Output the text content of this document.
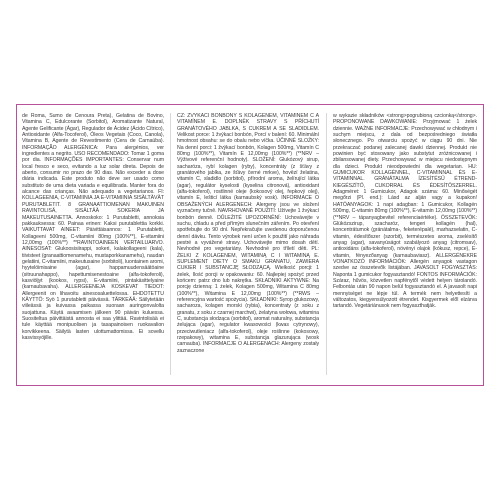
de Roma, Sumo de Cenoura Preta), Gelatina de Bovino, Vitamina C, Edulcorante (Sorbitol), Aromatizante Natural, Agente Gelificante (Ágar), Regulador de Ácidez (Ácido Cítrico), Antioxidante (Alfa-Tocoferol), Óleos Vegetais (Coco, Canola), Vitamina B, Agente de Revestimento (Cera de Carnaúba). INFORMAÇÃO ALERGÉNICA: Para alergénios, ver ingredientes a negrito. USO RECOMENDADO: Tomar 1 goma por dia. INFORMAÇÕES IMPORTANTES: Conservar num local fresco e seco, evitando a luz solar direta. Depois de aberto, consumir no prazo de 90 dias. Não exceder a dose diária indicada. Este produto não deve ser usado como substituto de uma dieta variada e equilibrada. Manter fora do alcance das crianças. Não adequado a vegetarianos. FI: KOLLAGEENIA, C-VITAMIINIA JA E-VITAMIINIA SISÄLTÄVÄT PURUTABLETIT. 8 GRANAATTIOMENAN MAKUINEN RAVINTOLISÄ, SISÄLTÄÄ SOKERIA JA MAKEUTUSAINETTA. Annoskoko: 1 Purutabletti, annoksia pakkauksessa: 60. Painaa erinen: Kaksi purutablettia korkki. VAIKUTTAVAT AINEET: Päivittäisannos: 1 Purutabletti, Kollageeni 500mg, C-vitamiini 80mg (100%**), E-vitamiini 12,00mg (100%**) **RAVINTOAINEEN VERTAILUARVO. AINESOSAT: Glukoosisiirappi, sokeri, kalakollageeni (kala), tiivisteet (granaattiomenamehu, mustaporkkanamehu), naudan gelatiini, C-vitamiini, makeutusaine (sorbitoli), luontainen aromi, hyytelöimisaine (agar), happamuudensäätöaine (sitruunahappo), hapettumisenestoaine (alfa-tokoferoli), kasviöljyt (kookos, rypsi), E-vitamiini, pintakäsittelyaine (karnaubavaha). ALLERGEENEJA KOSKEVAT TIEDOT: Allergeenit on lihavoitu ainesosaluettelossa. EHDOTETTU KÄYTTÖ: Syö 1 purutabletti päivässä. TÄRKEÄÄ: Säilytetään viileässä ja kuivassa paikassa suoraan auringonvalolta suojattuna. Käytä avaamisen jälkeen 90 päivän kuluessa. Suositeltua päivittäistä annosta ei saa ylittää. Ravintolisää ei tule käyttää monipuolisen ja tasapainoisen ruokavalion korvikkeena. Säilytä lasten ulottumattomissa. Ei sovellu kasvissyöjille.

CZ: ŽVÝKACÍ BONBÓNY S KOLAGENEM, VITAMINEM C A VITAMÍNEM E. DOPLNĚK STRAVY S PŘÍCHUTÍ GRANÁTOVÉHO JABLKA, S CUKREM A SE SLADIDLEM. Velikost porce: 1 žvýkací bonbón, Porcí v balení: 60. Minimální hmotnost obsahu: se do obalu nebo víčka. ÚČINNÉ SLOŽKY: Na denní porci: 1 žvýkací bonbón, Kolagen 500mg, Vitamín C 80mg (100%**), Vitamín E 12,00mg (100%**) (**NRV – Výživové referenční hodnoty). SLOŽENÍ: Glukózový sirup, sacharóza, rybí kolagen (ryby), koncentráty (z šťávy z granátového jablka, ze šťávy černé mrkve), hovězí želatina, vitamín C, sladidlo (sorbitol), přírodní aroma, želírující látka (agar), regulátor kyselosti (kyselina citronová), antioxidant (alfa-tokoferol), rostlinné oleje (kokosový olej, řepkový olej), vitamín E, lešticí látka (karnaubský vosk). INFORMACE O OBSAŽENÝCH ALERGENECH: Alergeny jsou ve složení vyznačeny tučně. NAVRHOVANÉ POUŽITÍ: Užívejte 1 žvýkací bonbón denně. DŮLEŽITÉ UPOZORNĚNÍ: Uchovávejte v suchu, chladu a před přímým slunečním zářením. Po otevření spotřebujte do 90 dní. Nepřekračujte uvedenou doporučenou denní dávku. Tento výrobek není určen k použití jako náhrada pestré a vyvážené stravy. Uchovávejte mimo dosah dětí. Nevhodné pro vegetariány. Nevhodné pro tříletí děti. PL: ŻELKI Z KOLAGENEM, WITAMINĄ C I WITAMINĄ E. SUPLEMENT DIETY O SMAKU GRANATU, ZAWIERA CUKIER I SUBSTANCJĘ SŁODZĄCĄ. Wielkość porcji: 1 żelek, Ilość porcji w opakowaniu: 60. Najlepiej spożyć przed końcem: patrz dno lub nakrętka. SKŁADNIKI AKTYWNE: Na porcję dzienną: 1 żelek, Kolagen 500mg, Witamina C 80mg (100%**), Witamina E 12,00mg (100%**) (**RWS – referencyjna wartość spożycia). SKŁADNIKI: Syrop glukozowy, sacharoza, kolagen morski (rybia), koncentraty (z soku z granatu, z soku z czarnej marchwi), żelatyna wołowa, witamina C, substancja słodząca (sorbitol), aromat naturalny, substancja żelująca (agar), regulator kwasowości (kwas cytrynowy), przeciwutleniacz (alfa-tokoferol), oleje roślinne (kokosowy, rzepakowy), witamina E, substancja glazurująca (wosk carnauba). INFORMACJE O ALERGENACH: Alergeny zostały zaznaczone

w wykazie składników <strong>pogrubioną czcionką</strong>. PROPONOWANE DAWKOWANIE: Przyjmować 1 żelek dziennie. WAŻNE INFORMACJE: Przechowywać w chłodnym i suchym miejscu, z dala od bezpośredniego światła słonecznego. Po otwarciu spożyć w ciągu 90 dni. Nie przekraczać podanej zalecanej dawki dziennej. Produkt nie powinien być stosowany jako substytut zróżnicowanej i zbilansowanej diety. Przechowywać w miejscu niedostępnym dla dzieci. Produkt nieodpowiedni dla wegetarian. HU: GUMICUKOR KOLLAGÉNNEL, C-VITAMINNAL ÉS E-VITAMINNAL. GRÁNÁTALMA ÍZESÍTÉSŰ ÉTREND-KIEGÉSZÍTŐ, CUKORRAL ÉS ÉDESÍTŐSZERREL. Adagméret: 1 Gumicukor, Adagok száma: 60. Minőségét megőrzi (Pl. end.): Lásd az alján vagy a kupakon! HATÓANYAGOK: 1 napi adagban: 1 Gumicukor, Kollagén 500mg, C-vitamin 80mg (100%**), E-vitamin 12,00mg (100%**) (**NRV – tápanyagbevitel referenciaértéke). ÖSSZETEVŐK: Glükózszirup, szacharóz, tengeri kollagén (hal), koncentrátumok (gránátalma-, feketerépalé), marhazselatin, C-vitamin, édesítőszer (szorbit), természetes aroma, zselésítő anyag (agar), savanyúságot szabályozó anyag (citromsav), antioxidáns (alfa-tokoferol), növényi olajok (kókusz, repce), E-vitamin, fényezőanyag (karnaubaviasz). ALLERGÉNEKRE VONATKOZÓ INFORMÁCIÓK: Allergén anyagok vastagon szedve az összetevők listájában. JAVASOLT FOGYASZTÁS: Naponta 1 gumicukor fogyasztandó! FONTOS INFORMÁCIÓK: Száraz, hűvös, közvetlen napfénytől védett helyen tárolandó. Felbontás után 90 napon belül fogyasztandó el. A javasolt napi mennyiséget ne lépje túl. A termék nem helyettesíti a változatos, kiegyensúlyozott étrendet. Kisgyermek elől elzárva tartandó. Vegetáriánusok nem fogyaszthatják.
